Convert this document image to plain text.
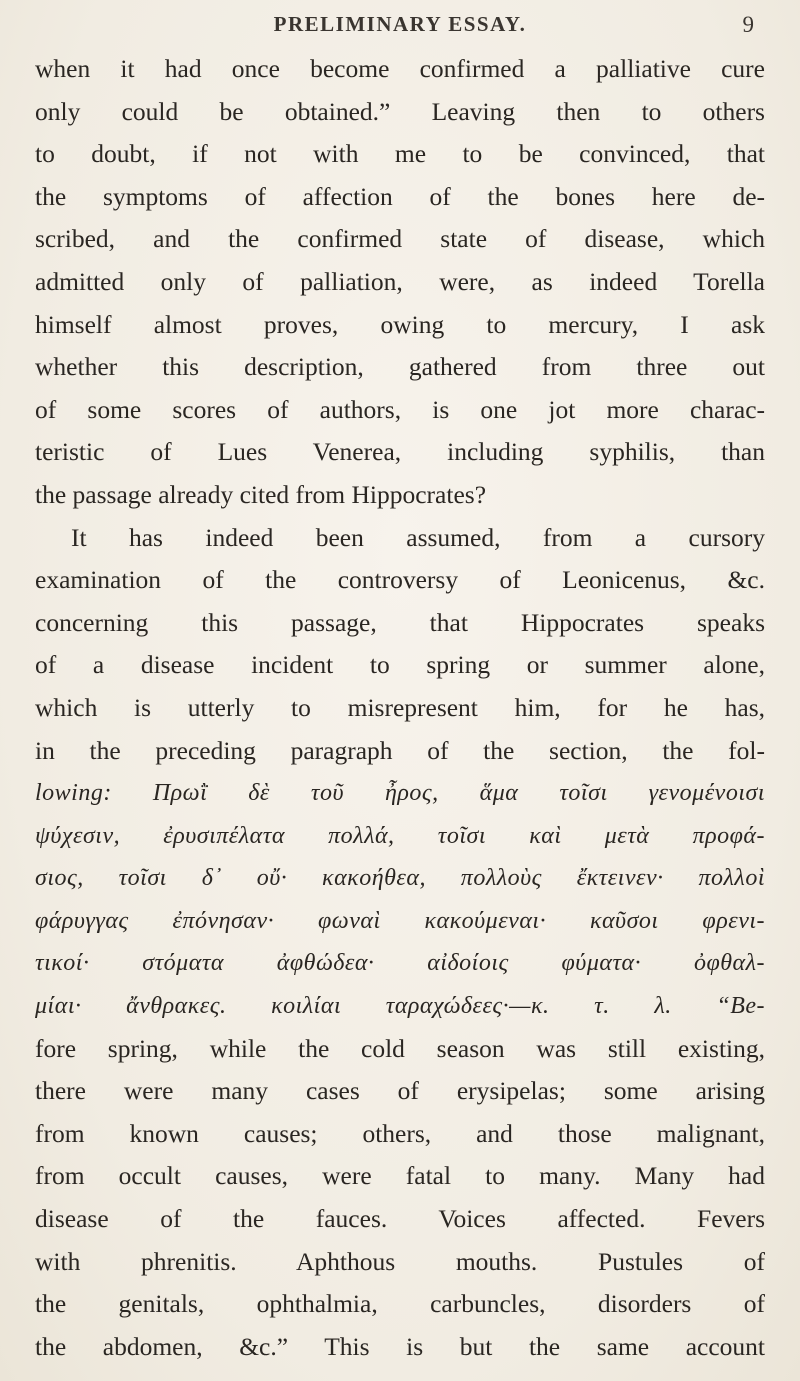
PRELIMINARY ESSAY.	9
when it had once become confirmed a palliative cure
only could be obtained.” Leaving then to others
to doubt, if not with me to be convinced, that
the symptoms of affection of the bones here de-
scribed, and the confirmed state of disease, which
admitted only of palliation, were, as indeed Torella
himself almost proves, owing to mercury, I ask
whether this description, gathered from three out
of some scores of authors, is one jot more charac-
teristic of Lues Venerea, including syphilis, than
the passage already cited from Hippocrates?
It has indeed been assumed, from a cursory
examination of the controversy of Leonicenus, &c.
concerning this passage, that Hippocrates speaks
of a disease incident to spring or summer alone,
which is utterly to misrepresent him, for he has,
in the preceding paragraph of the section, the fol-
lowing: Πρωῒ δὲ τοῦ ἦρος, ἅμα τοῖσι γενομένοισι
ψύχεσιν, ἐρυσιπέλατα πολλά, τοῖσι καὶ μετὰ προφά-
σιος, τοῖσι δ᾽ οὔ· κακοήθεα, πολλοὺς ἔκτεινεν· πολλοὶ
φάρυγγας ἐπόνησαν· φωναὶ κακούμεναι· καῦσοι φρενι-
τικοί· στόματα ἀφθώδεα· αἰδοίοις φύματα· ὀφθαλ-
μίαι· ἄνθρακες. κοιλίαι ταραχώδεες·—κ. τ. λ. “Be-
fore spring, while the cold season was still existing,
there were many cases of erysipelas; some arising
from known causes; others, and those malignant,
from occult causes, were fatal to many. Many had
disease of the fauces. Voices affected. Fevers
with phrenitis. Aphthous mouths. Pustules of
the genitals, ophthalmia, carbuncles, disorders of
the abdomen, &c.” This is but the same account
